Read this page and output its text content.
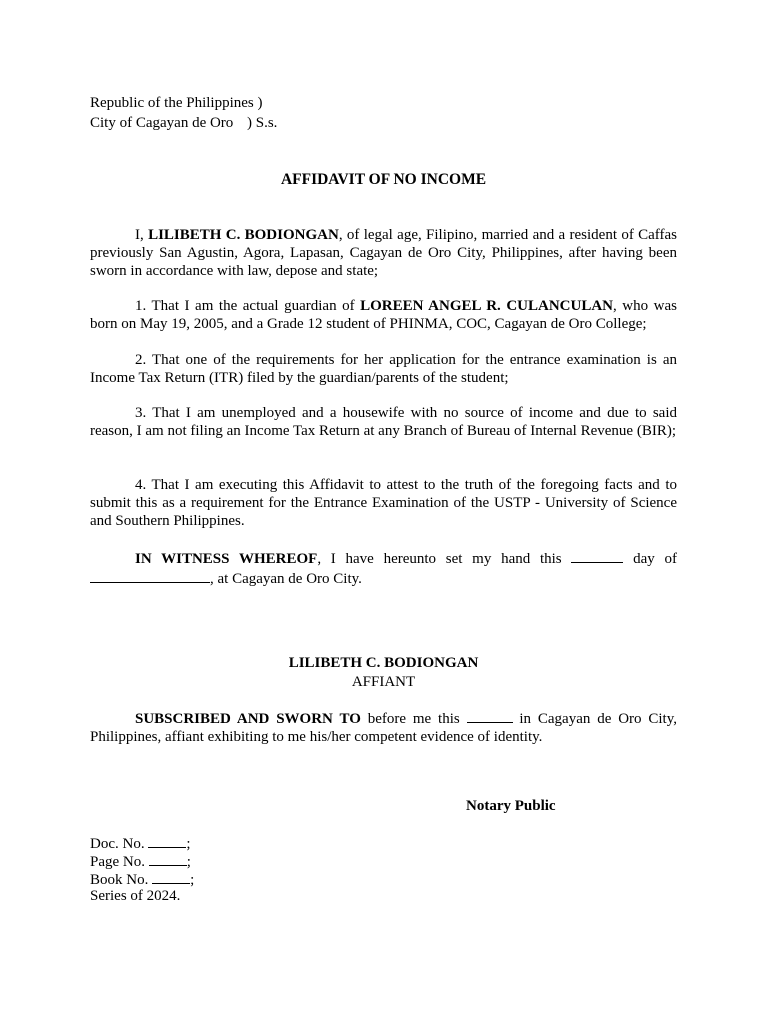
Republic of the Philippines )
City of Cagayan de Oro ) S.s.
AFFIDAVIT OF NO INCOME
I, LILIBETH C. BODIONGAN, of legal age, Filipino, married and a resident of Caffas previously San Agustin, Agora, Lapasan, Cagayan de Oro City, Philippines, after having been sworn in accordance with law, depose and state;
1. That I am the actual guardian of LOREEN ANGEL R. CULANCULAN, who was born on May 19, 2005, and a Grade 12 student of PHINMA, COC, Cagayan de Oro College;
2. That one of the requirements for her application for the entrance examination is an Income Tax Return (ITR) filed by the guardian/parents of the student;
3. That I am unemployed and a housewife with no source of income and due to said reason, I am not filing an Income Tax Return at any Branch of Bureau of Internal Revenue (BIR);
4. That I am executing this Affidavit to attest to the truth of the foregoing facts and to submit this as a requirement for the Entrance Examination of the USTP - University of Science and Southern Philippines.
IN WITNESS WHEREOF, I have hereunto set my hand this	day of , at Cagayan de Oro City.
LILIBETH C. BODIONGAN
AFFIANT
SUBSCRIBED AND SWORN TO before me this	in Cagayan de Oro City, Philippines, affiant exhibiting to me his/her competent evidence of identity.
Notary Public
Doc. No.	;
Page No.	;
Book No.	;
Series of 2024.
